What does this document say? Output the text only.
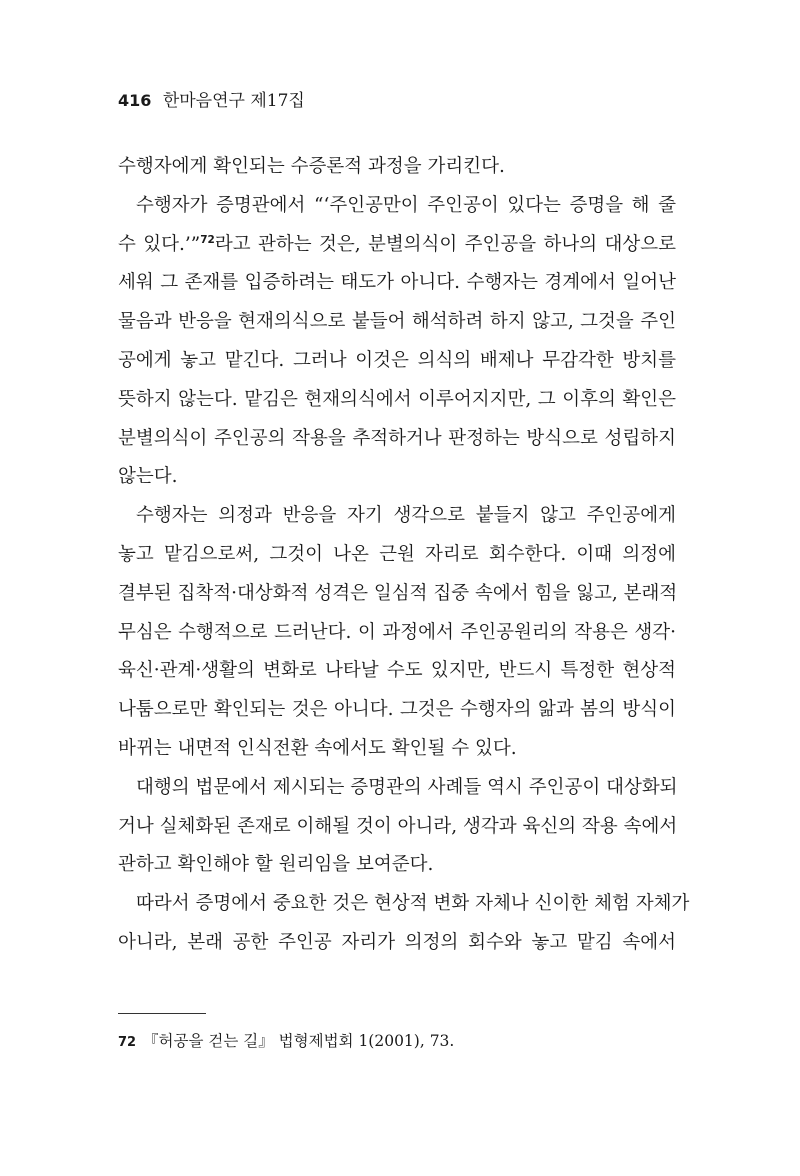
416 한마음연구 제17집
수행자에게 확인되는 수증론적 과정을 가리킨다.
수행자가 증명관에서 “‘주인공만이 주인공이 있다는 증명을 해 줄
수 있다.’”$^{72}$라고 관하는 것은, 분별의식이 주인공을 하나의 대상으로
세워 그 존재를 입증하려는 태도가 아니다. 수행자는 경계에서 일어난
물음과 반응을 현재의식으로 붙들어 해석하려 하지 않고, 그것을 주인
공에게 놓고 맡긴다. 그러나 이것은 의식의 배제나 무감각한 방치를
뜻하지 않는다. 맡김은 현재의식에서 이루어지지만, 그 이후의 확인은
분별의식이 주인공의 작용을 추적하거나 판정하는 방식으로 성립하지
않는다.
수행자는 의정과 반응을 자기 생각으로 붙들지 않고 주인공에게
놓고 맡김으로써, 그것이 나온 근원 자리로 회수한다. 이때 의정에
결부된 집착적·대상화적 성격은 일심적 집중 속에서 힘을 잃고, 본래적
무심은 수행적으로 드러난다. 이 과정에서 주인공원리의 작용은 생각·
육신·관계·생활의 변화로 나타날 수도 있지만, 반드시 특정한 현상적
나툼으로만 확인되는 것은 아니다. 그것은 수행자의 앎과 봄의 방식이
바뀌는 내면적 인식전환 속에서도 확인될 수 있다.
대행의 법문에서 제시되는 증명관의 사례들 역시 주인공이 대상화되
거나 실체화된 존재로 이해될 것이 아니라, 생각과 육신의 작용 속에서
관하고 확인해야 할 원리임을 보여준다.
따라서 증명에서 중요한 것은 현상적 변화 자체나 신이한 체험 자체가
아니라, 본래 공한 주인공 자리가 의정의 회수와 놓고 맡김 속에서
72 『허공을 걷는 길』 법형제법회 1(2001), 73.
